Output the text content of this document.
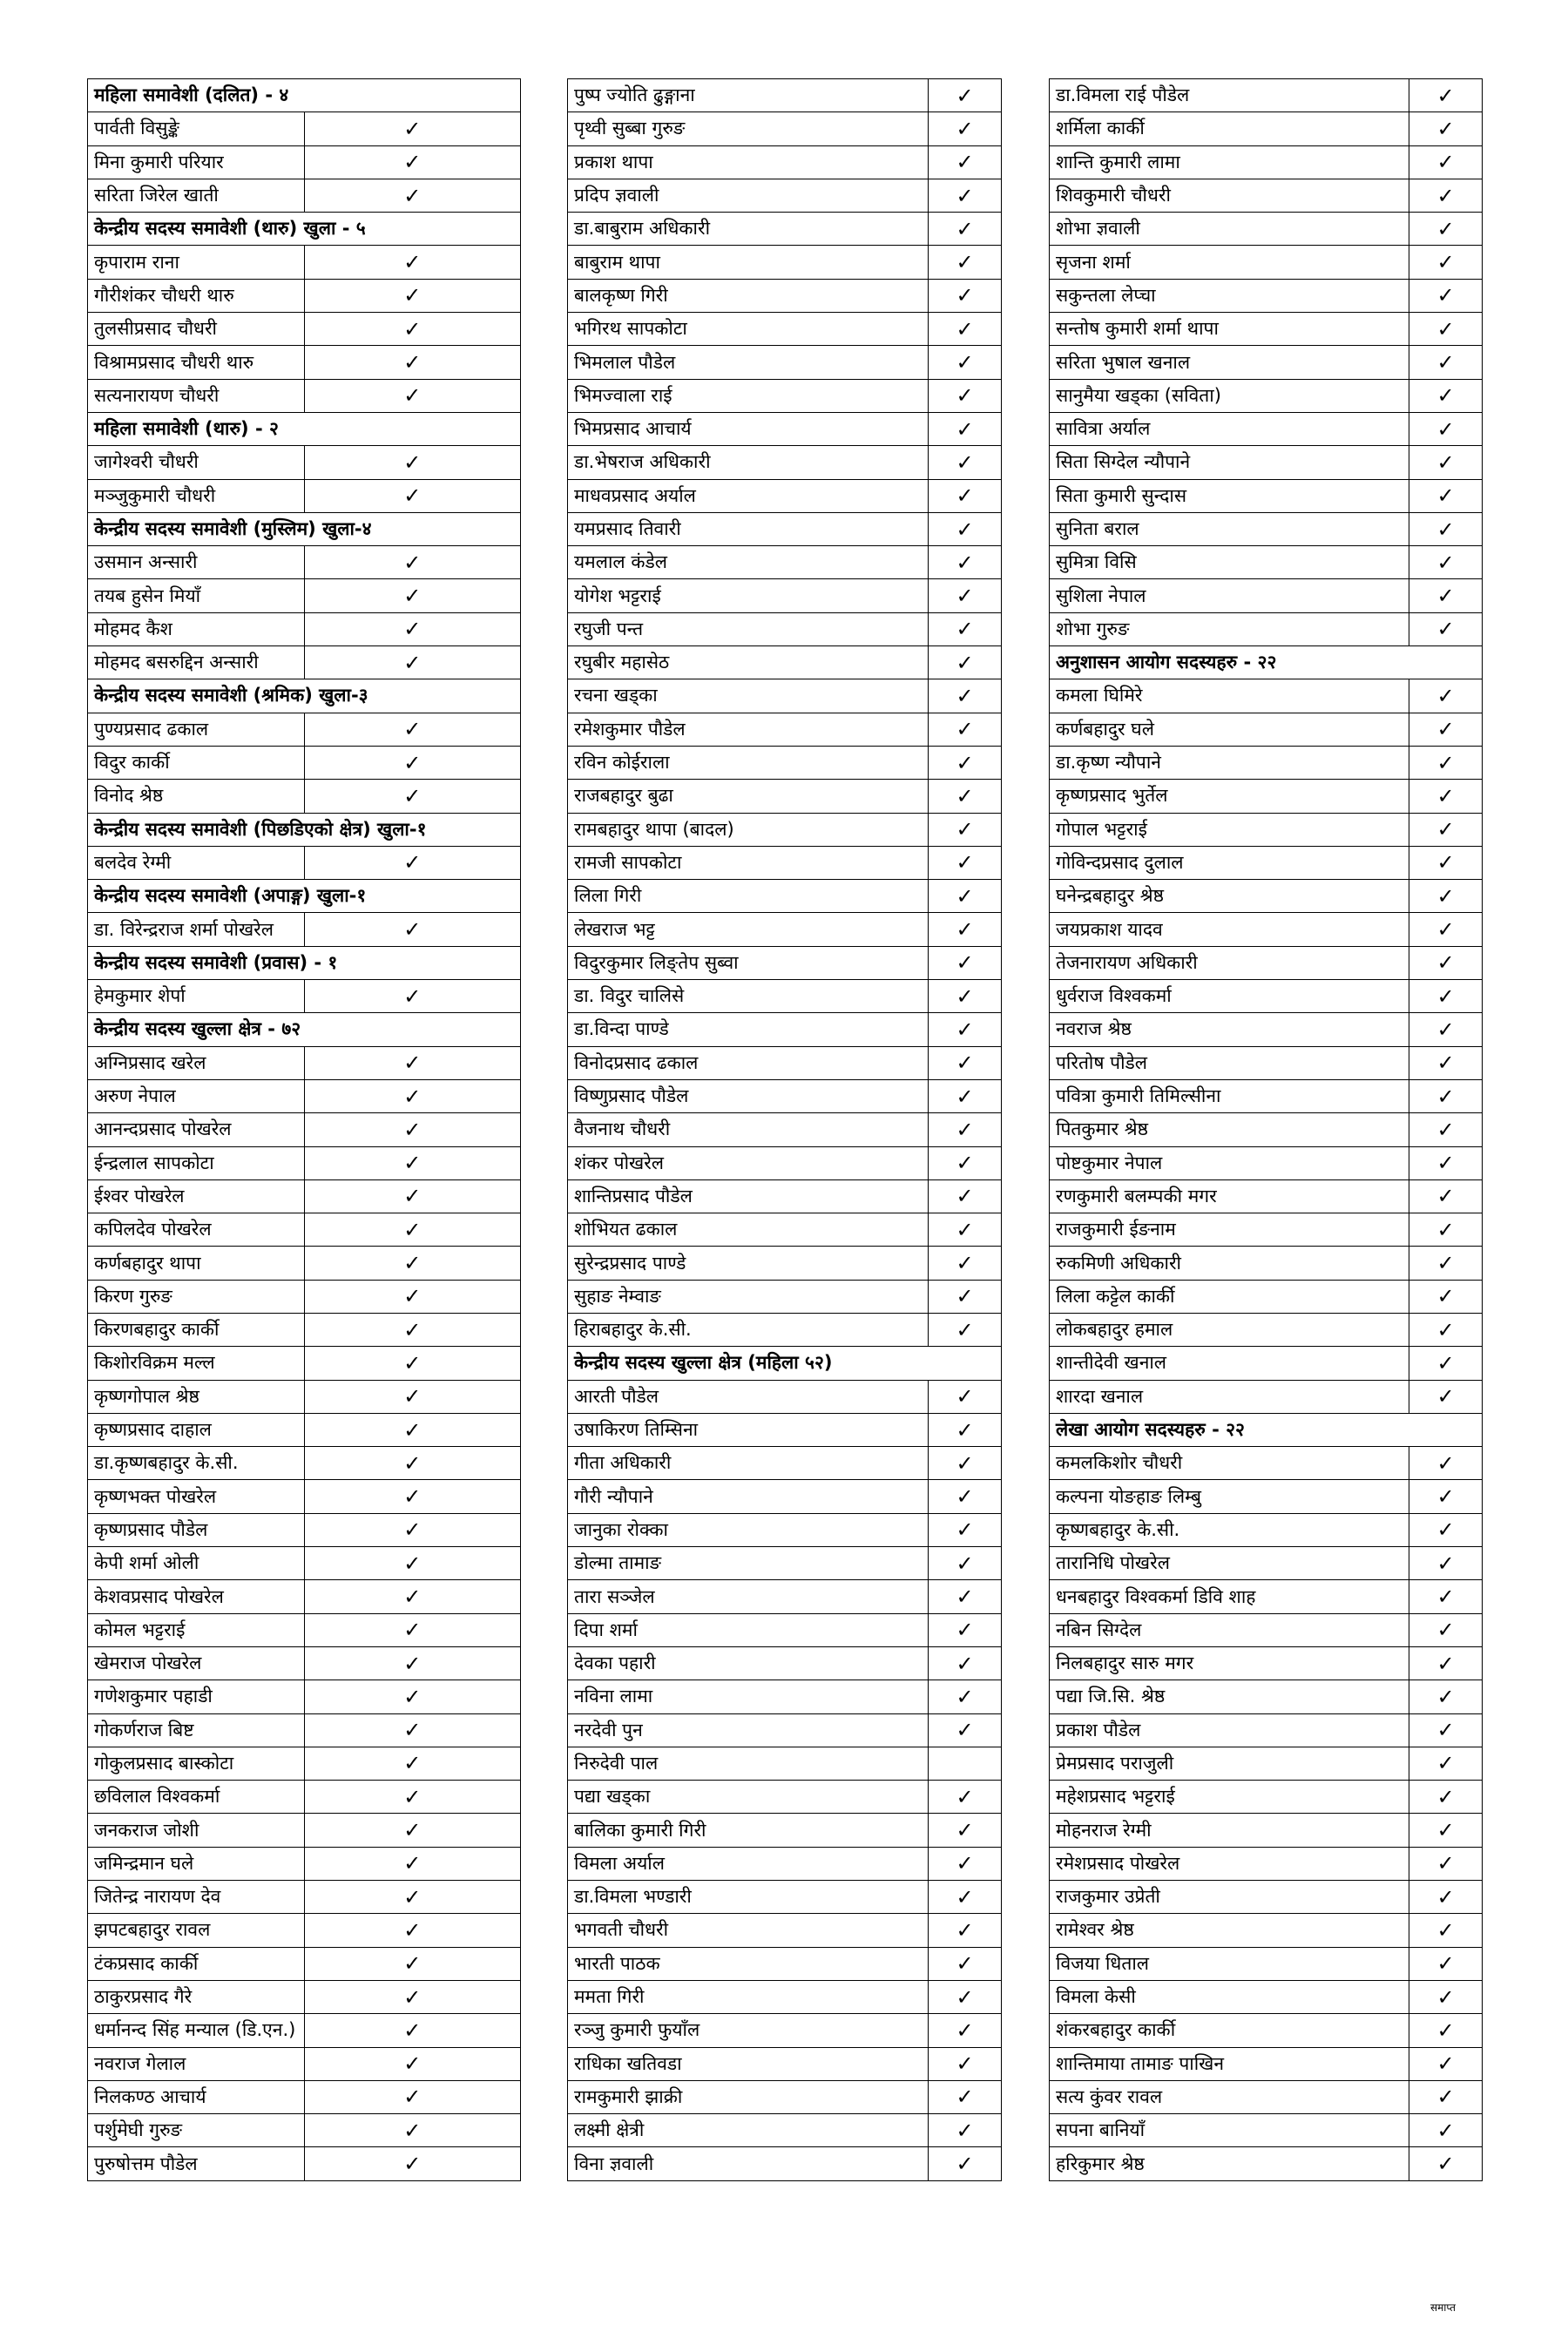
महिला समावेशी (दलित) - ४	
पार्वती विसुङ्के	✓
मिना कुमारी परियार	✓
सरिता जिरेल खाती	✓
केन्द्रीय सदस्य समावेशी (थारु) खुला - ५	
कृपाराम राना	✓
गौरीशंकर चौधरी थारु	✓
तुलसीप्रसाद चौधरी	✓
विश्रामप्रसाद चौधरी थारु	✓
सत्यनारायण चौधरी	✓
महिला समावेशी (थारु) - २	
जागेश्वरी चौधरी	✓
मञ्जुकुमारी चौधरी	✓
केन्द्रीय सदस्य समावेशी (मुस्लिम) खुला-४	
उसमान अन्सारी	✓
तयब हुसेन मियाँ	✓
मोहमद कैश	✓
मोहमद बसरुद्दिन अन्सारी	✓
केन्द्रीय सदस्य समावेशी (श्रमिक) खुला-३	
पुण्यप्रसाद ढकाल	✓
विदुर कार्की	✓
विनोद श्रेष्ठ	✓
केन्द्रीय सदस्य समावेशी (पिछडिएको क्षेत्र) खुला-१	
बलदेव रेग्मी	✓
केन्द्रीय सदस्य समावेशी (अपाङ्ग) खुला-१	
डा. विरेन्द्रराज शर्मा पोखरेल	✓
केन्द्रीय सदस्य समावेशी (प्रवास) - १	
हेमकुमार शेर्पा	✓
केन्द्रीय सदस्य खुल्ला क्षेत्र - ७२	
अग्निप्रसाद खरेल	✓
अरुण नेपाल	✓
आनन्दप्रसाद पोखरेल	✓
ईन्द्रलाल सापकोटा	✓
ईश्वर पोखरेल	✓
कपिलदेव पोखरेल	✓
कर्णबहादुर थापा	✓
किरण गुरुङ	✓
किरणबहादुर कार्की	✓
किशोरविक्रम मल्ल	✓
कृष्णगोपाल श्रेष्ठ	✓
कृष्णप्रसाद दाहाल	✓
डा.कृष्णबहादुर के.सी.	✓
कृष्णभक्त पोखरेल	✓
कृष्णप्रसाद पौडेल	✓
केपी शर्मा ओली	✓
केशवप्रसाद पोखरेल	✓
कोमल भट्टराई	✓
खेमराज पोखरेल	✓
गणेशकुमार पहाडी	✓
गोकर्णराज बिष्ट	✓
गोकुलप्रसाद बास्कोटा	✓
छविलाल विश्वकर्मा	✓
जनकराज जोशी	✓
जमिन्द्रमान घले	✓
जितेन्द्र नारायण देव	✓
झपटबहादुर रावल	✓
टंकप्रसाद कार्की	✓
ठाकुरप्रसाद गैरे	✓
धर्मानन्द सिंह मन्याल (डि.एन.)	✓
नवराज गेलाल	✓
निलकण्ठ आचार्य	✓
पर्शुमेघी गुरुङ	✓
पुरुषोत्तम पौडेल	✓
पुष्प ज्योति ढुङ्गाना	✓
पृथ्वी सुब्बा गुरुङ	✓
प्रकाश थापा	✓
प्रदिप ज्ञवाली	✓
डा.बाबुराम अधिकारी	✓
बाबुराम थापा	✓
बालकृष्ण गिरी	✓
भगिरथ सापकोटा	✓
भिमलाल पौडेल	✓
भिमज्वाला राई	✓
भिमप्रसाद आचार्य	✓
डा.भेषराज अधिकारी	✓
माधवप्रसाद अर्याल	✓
यमप्रसाद तिवारी	✓
यमलाल कंडेल	✓
योगेश भट्टराई	✓
रघुजी पन्त	✓
रघुबीर महासेठ	✓
रचना खड्का	✓
रमेशकुमार पौडेल	✓
रविन कोईराला	✓
राजबहादुर बुढा	✓
रामबहादुर थापा (बादल)	✓
रामजी सापकोटा	✓
लिला गिरी	✓
लेखराज भट्ट	✓
विदुरकुमार लिङ्तेप सुब्वा	✓
डा. विदुर चालिसे	✓
डा.विन्दा पाण्डे	✓
विनोदप्रसाद ढकाल	✓
विष्णुप्रसाद पौडेल	✓
वैजनाथ चौधरी	✓
शंकर पोखरेल	✓
शान्तिप्रसाद पौडेल	✓
शोभियत ढकाल	✓
सुरेन्द्रप्रसाद पाण्डे	✓
सुहाङ नेम्वाङ	✓
हिराबहादुर के.सी.	✓
केन्द्रीय सदस्य खुल्ला क्षेत्र (महिला ५२)	
आरती पौडेल	✓
उषाकिरण तिम्सिना	✓
गीता अधिकारी	✓
गौरी न्यौपाने	✓
जानुका रोक्का	✓
डोल्मा तामाङ	✓
तारा सञ्जेल	✓
दिपा शर्मा	✓
देवका पहारी	✓
नविना लामा	✓
नरदेवी पुन	✓
निरुदेवी पाल	
पद्या खड्का	✓
बालिका कुमारी गिरी	✓
विमला अर्याल	✓
डा.विमला भण्डारी	✓
भगवती चौधरी	✓
भारती पाठक	✓
ममता गिरी	✓
रञ्जु कुमारी फुयाँल	✓
राधिका खतिवडा	✓
रामकुमारी झाक्री	✓
लक्ष्मी क्षेत्री	✓
विना ज्ञवाली	✓
डा.विमला राई पौडेल	✓
शर्मिला कार्की	✓
शान्ति कुमारी लामा	✓
शिवकुमारी चौधरी	✓
शोभा ज्ञवाली	✓
सृजना शर्मा	✓
सकुन्तला लेप्चा	✓
सन्तोष कुमारी शर्मा थापा	✓
सरिता भुषाल खनाल	✓
सानुमैया खड्का (सविता)	✓
सावित्रा अर्याल	✓
सिता सिग्देल न्यौपाने	✓
सिता कुमारी सुन्दास	✓
सुनिता बराल	✓
सुमित्रा विसि	✓
सुशिला नेपाल	✓
शोभा गुरुङ	✓
अनुशासन आयोग सदस्यहरु - २२	
कमला घिमिरे	✓
कर्णबहादुर घले	✓
डा.कृष्ण न्यौपाने	✓
कृष्णप्रसाद भुर्तेल	✓
गोपाल भट्टराई	✓
गोविन्दप्रसाद दुलाल	✓
घनेन्द्रबहादुर श्रेष्ठ	✓
जयप्रकाश यादव	✓
तेजनारायण अधिकारी	✓
धुर्वराज विश्वकर्मा	✓
नवराज श्रेष्ठ	✓
परितोष पौडेल	✓
पवित्रा कुमारी तिमिल्सीना	✓
पितकुमार श्रेष्ठ	✓
पोष्टकुमार नेपाल	✓
रणकुमारी बलम्पकी मगर	✓
राजकुमारी ईङनाम	✓
रुकमिणी अधिकारी	✓
लिला कट्टेल कार्की	✓
लोकबहादुर हमाल	✓
शान्तीदेवी खनाल	✓
शारदा खनाल	✓
लेखा आयोग सदस्यहरु - २२	
कमलकिशोर चौधरी	✓
कल्पना योङहाङ लिम्बु	✓
कृष्णबहादुर के.सी.	✓
तारानिधि पोखरेल	✓
धनबहादुर विश्वकर्मा डिवि शाह	✓
नबिन सिग्देल	✓
निलबहादुर सारु मगर	✓
पद्या जि.सि. श्रेष्ठ	✓
प्रकाश पौडेल	✓
प्रेमप्रसाद पराजुली	✓
महेशप्रसाद भट्टराई	✓
मोहनराज रेग्मी	✓
रमेशप्रसाद पोखरेल	✓
राजकुमार उप्रेती	✓
रामेश्वर श्रेष्ठ	✓
विजया धिताल	✓
विमला केसी	✓
शंकरबहादुर कार्की	✓
शान्तिमाया तामाङ पाखिन	✓
सत्य कुंवर रावल	✓
सपना बानियाँ	✓
हरिकुमार श्रेष्ठ	✓
समाप्त
